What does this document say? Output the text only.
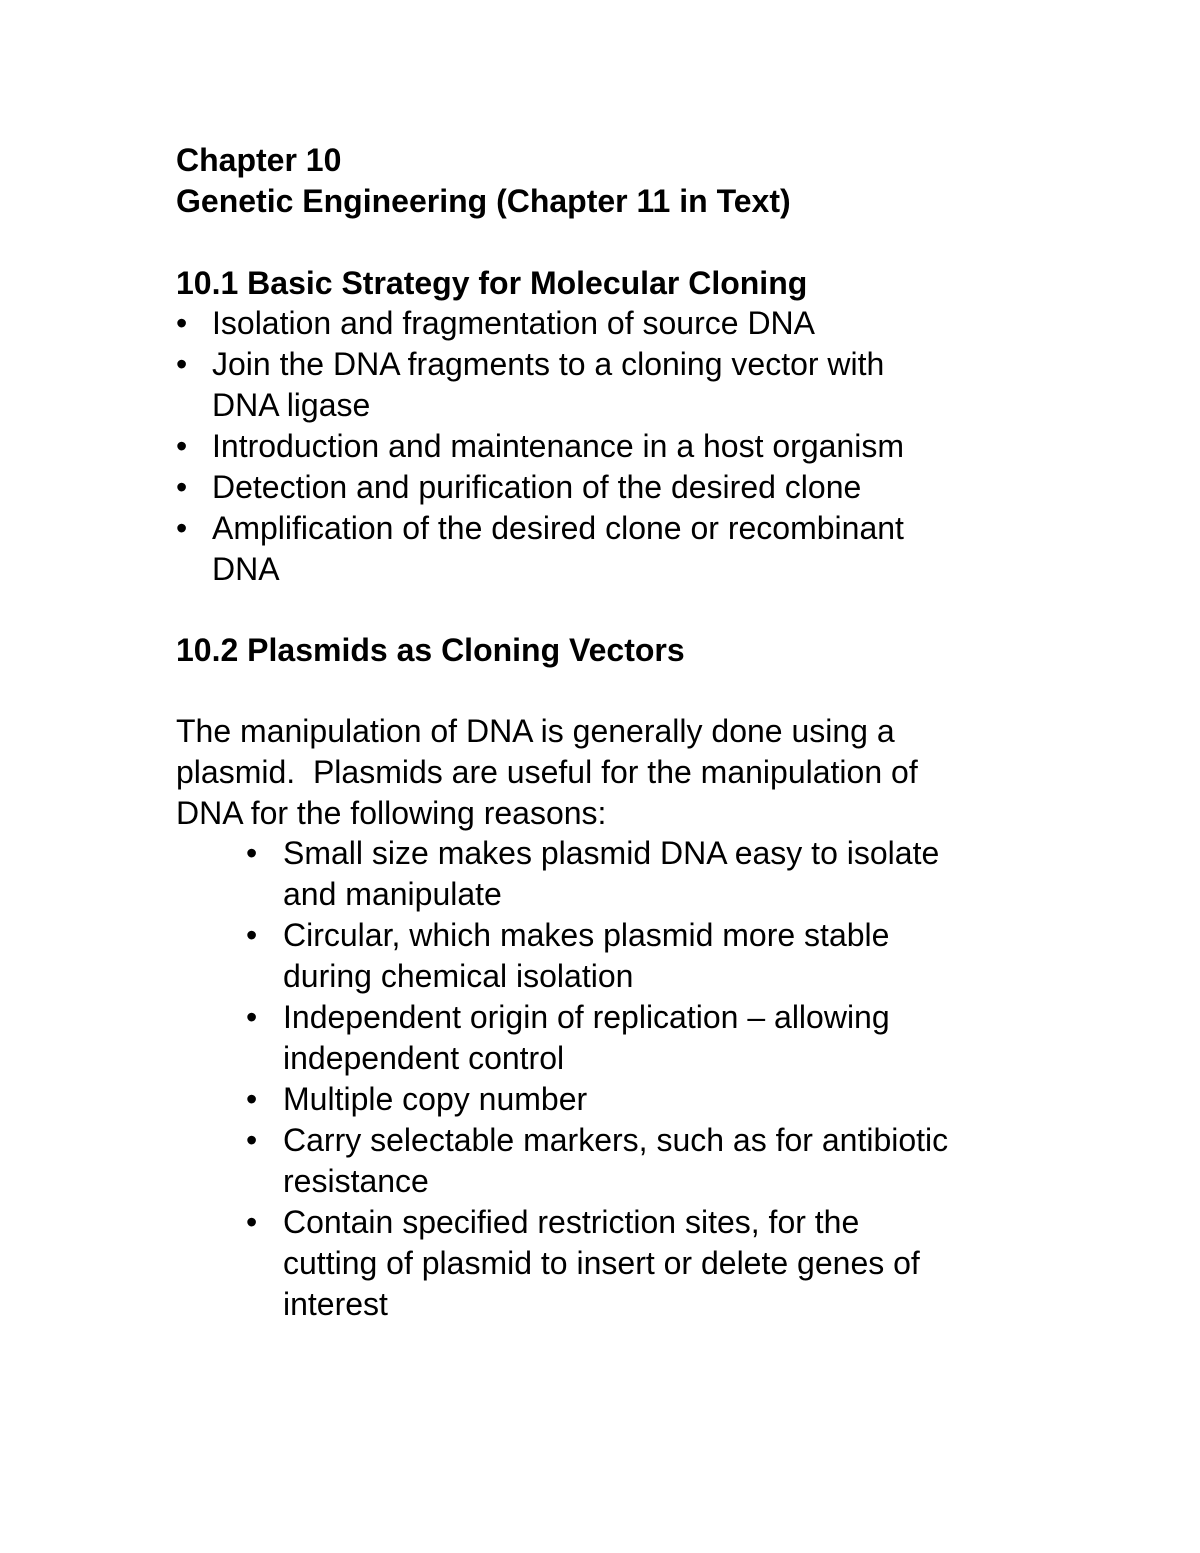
Chapter 10
Genetic Engineering (Chapter 11 in Text)
10.1 Basic Strategy for Molecular Cloning
• Isolation and fragmentation of source DNA
• Join the DNA fragments to a cloning vector with
DNA ligase
• Introduction and maintenance in a host organism
• Detection and purification of the desired clone
• Amplification of the desired clone or recombinant
DNA
10.2 Plasmids as Cloning Vectors
The manipulation of DNA is generally done using a
plasmid.  Plasmids are useful for the manipulation of
DNA for the following reasons:
• Small size makes plasmid DNA easy to isolate
and manipulate
• Circular, which makes plasmid more stable
during chemical isolation
• Independent origin of replication – allowing
independent control
• Multiple copy number
• Carry selectable markers, such as for antibiotic
resistance
• Contain specified restriction sites, for the
cutting of plasmid to insert or delete genes of
interest
